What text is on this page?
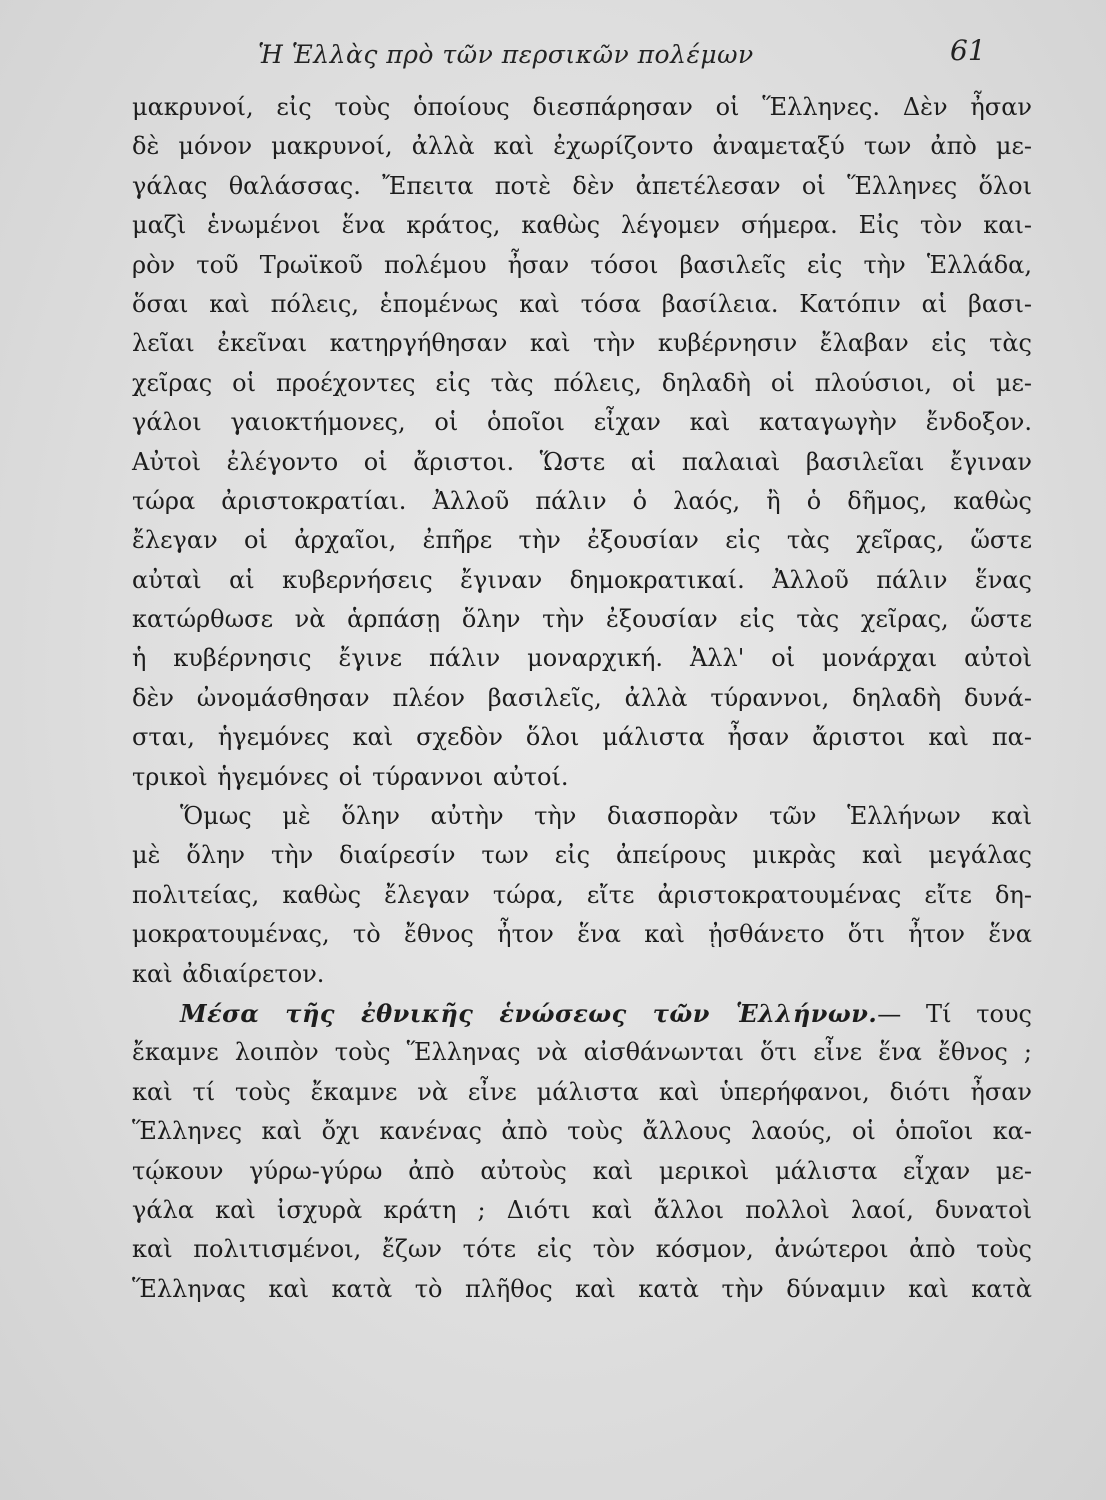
Ἡ Ἑλλὰς πρὸ τῶν περσικῶν πολέμων	61
μακρυνοί, εἰς τοὺς ὁποίους διεσπάρησαν οἱ Ἕλληνες. Δὲν ἦσαν
δὲ μόνον μακρυνοί, ἀλλὰ καὶ ἐχωρίζοντο ἀναμεταξύ των ἀπὸ με-
γάλας θαλάσσας. Ἔπειτα ποτὲ δὲν ἀπετέλεσαν οἱ Ἕλληνες ὅλοι
μαζὶ ἑνωμένοι ἕνα κράτος, καθὼς λέγομεν σήμερα. Εἰς τὸν και-
ρὸν τοῦ Τρωϊκοῦ πολέμου ἦσαν τόσοι βασιλεῖς εἰς τὴν Ἑλλάδα,
ὅσαι καὶ πόλεις, ἑπομένως καὶ τόσα βασίλεια. Κατόπιν αἱ βασι-
λεῖαι ἐκεῖναι κατηργήθησαν καὶ τὴν κυβέρνησιν ἔλαβαν εἰς τὰς
χεῖρας οἱ προέχοντες εἰς τὰς πόλεις, δηλαδὴ οἱ πλούσιοι, οἱ με-
γάλοι γαιοκτήμονες, οἱ ὁποῖοι εἶχαν καὶ καταγωγὴν ἔνδοξον.
Αὐτοὶ ἐλέγοντο οἱ ἄριστοι. Ὥστε αἱ παλαιαὶ βασιλεῖαι ἔγιναν
τώρα ἀριστοκρατίαι. Ἀλλοῦ πάλιν ὁ λαός, ἢ ὁ δῆμος, καθὼς
ἔλεγαν οἱ ἀρχαῖοι, ἐπῆρε τὴν ἐξουσίαν εἰς τὰς χεῖρας, ὥστε
αὐταὶ αἱ κυβερνήσεις ἔγιναν δημοκρατικαί. Ἀλλοῦ πάλιν ἕνας
κατώρθωσε νὰ ἁρπάσῃ ὅλην τὴν ἐξουσίαν εἰς τὰς χεῖρας, ὥστε
ἡ κυβέρνησις ἔγινε πάλιν μοναρχική. Ἀλλ' οἱ μονάρχαι αὐτοὶ
δὲν ὠνομάσθησαν πλέον βασιλεῖς, ἀλλὰ τύραννοι, δηλαδὴ δυνά-
σται, ἡγεμόνες καὶ σχεδὸν ὅλοι μάλιστα ἦσαν ἄριστοι καὶ πα-
τρικοὶ ἡγεμόνες οἱ τύραννοι αὐτοί.
Ὅμως μὲ ὅλην αὐτὴν τὴν διασπορὰν τῶν Ἑλλήνων καὶ
μὲ ὅλην τὴν διαίρεσίν των εἰς ἀπείρους μικρὰς καὶ μεγάλας
πολιτείας, καθὼς ἔλεγαν τώρα, εἴτε ἀριστοκρατουμένας εἴτε δη-
μοκρατουμένας, τὸ ἔθνος ἦτον ἕνα καὶ ᾐσθάνετο ὅτι ἦτον ἕνα
καὶ ἀδιαίρετον.
Μέσα τῆς ἐθνικῆς ἑνώσεως τῶν Ἑλλήνων.— Τί τους
ἔκαμνε λοιπὸν τοὺς Ἕλληνας νὰ αἰσθάνωνται ὅτι εἶνε ἕνα ἔθνος ;
καὶ τί τοὺς ἔκαμνε νὰ εἶνε μάλιστα καὶ ὑπερήφανοι, διότι ἦσαν
Ἕλληνες καὶ ὄχι κανένας ἀπὸ τοὺς ἄλλους λαούς, οἱ ὁποῖοι κα-
τῴκουν γύρω-γύρω ἀπὸ αὐτοὺς καὶ μερικοὶ μάλιστα εἶχαν με-
γάλα καὶ ἰσχυρὰ κράτη ; Διότι καὶ ἄλλοι πολλοὶ λαοί, δυνατοὶ
καὶ πολιτισμένοι, ἔζων τότε εἰς τὸν κόσμον, ἀνώτεροι ἀπὸ τοὺς
Ἕλληνας καὶ κατὰ τὸ πλῆθος καὶ κατὰ τὴν δύναμιν καὶ κατὰ
